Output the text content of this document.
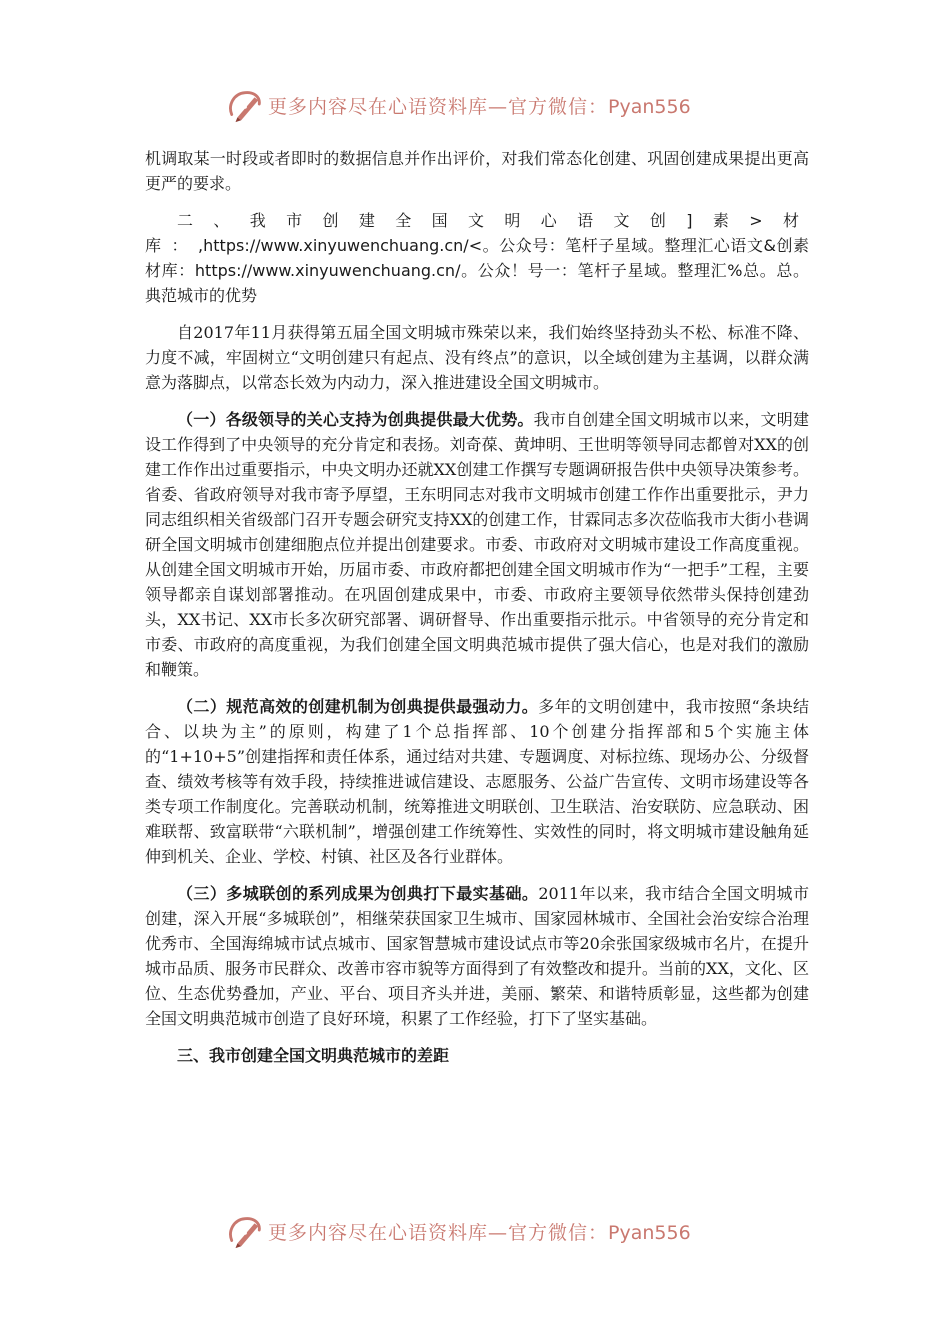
更多内容尽在心语资料库—官方微信：Pyan556

机调取某一时段或者即时的数据信息并作出评价，对我们常态化创建、巩固创建成果提出更高更严的要求。

二、我市创建全国文明心语文创]素>材库：,https://www.xinyuwenchuang.cn/<。公众号：笔杆子星域。整理汇心语文&创素材库：https://www.xinyuwenchuang.cn/。公众！号一：笔杆子星域。整理汇%总。总。典范城市的优势

自2017年11月获得第五届全国文明城市殊荣以来，我们始终坚持劲头不松、标准不降、力度不减，牢固树立“文明创建只有起点、没有终点”的意识，以全域创建为主基调，以群众满意为落脚点，以常态长效为内动力，深入推进建设全国文明城市。

（一）各级领导的关心支持为创典提供最大优势。我市自创建全国文明城市以来，文明建设工作得到了中央领导的充分肯定和表扬。刘奇葆、黄坤明、王世明等领导同志都曾对XX的创建工作作出过重要指示，中央文明办还就XX创建工作撰写专题调研报告供中央领导决策参考。省委、省政府领导对我市寄予厚望，王东明同志对我市文明城市创建工作作出重要批示，尹力同志组织相关省级部门召开专题会研究支持XX的创建工作，甘霖同志多次莅临我市大街小巷调研全国文明城市创建细胞点位并提出创建要求。市委、市政府对文明城市建设工作高度重视。从创建全国文明城市开始，历届市委、市政府都把创建全国文明城市作为“一把手”工程，主要领导都亲自谋划部署推动。在巩固创建成果中，市委、市政府主要领导依然带头保持创建劲头，XX书记、XX市长多次研究部署、调研督导、作出重要指示批示。中省领导的充分肯定和市委、市政府的高度重视，为我们创建全国文明典范城市提供了强大信心，也是对我们的激励和鞭策。

（二）规范高效的创建机制为创典提供最强动力。多年的文明创建中，我市按照“条块结合、以块为主”的原则，构建了1个总指挥部、10个创建分指挥部和5个实施主体的“1+10+5”创建指挥和责任体系，通过结对共建、专题调度、对标拉练、现场办公、分级督查、绩效考核等有效手段，持续推进诚信建设、志愿服务、公益广告宣传、文明市场建设等各类专项工作制度化。完善联动机制，统筹推进文明联创、卫生联洁、治安联防、应急联动、困难联帮、致富联带“六联机制”，增强创建工作统筹性、实效性的同时，将文明城市建设触角延伸到机关、企业、学校、村镇、社区及各行业群体。

（三）多城联创的系列成果为创典打下最实基础。2011年以来，我市结合全国文明城市创建，深入开展“多城联创”，相继荣获国家卫生城市、国家园林城市、全国社会治安综合治理优秀市、全国海绵城市试点城市、国家智慧城市建设试点市等20余张国家级城市名片，在提升城市品质、服务市民群众、改善市容市貌等方面得到了有效整改和提升。当前的XX，文化、区位、生态优势叠加，产业、平台、项目齐头并进，美丽、繁荣、和谐特质彰显，这些都为创建全国文明典范城市创造了良好环境，积累了工作经验，打下了坚实基础。

三、我市创建全国文明典范城市的差距

更多内容尽在心语资料库—官方微信：Pyan556
